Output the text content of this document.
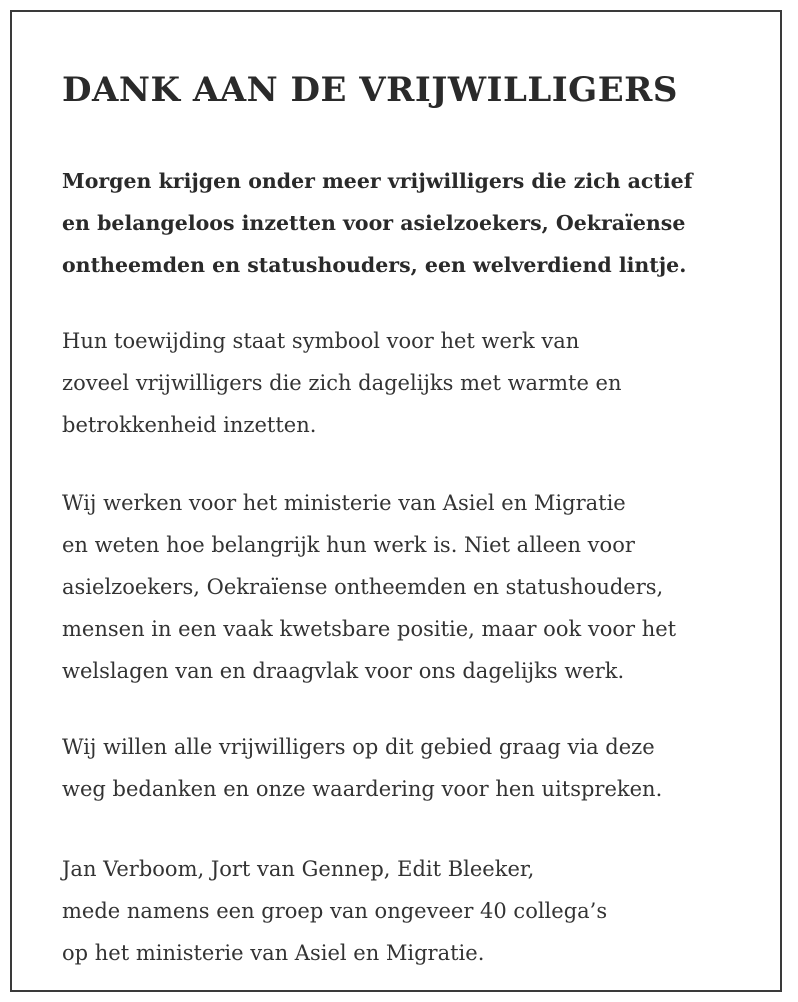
DANK AAN DE VRIJWILLIGERS

Morgen krijgen onder meer vrijwilligers die zich actief
en belangeloos inzetten voor asielzoekers, Oekraïense
ontheemden en statushouders, een welverdiend lintje.

Hun toewijding staat symbool voor het werk van
zoveel vrijwilligers die zich dagelijks met warmte en
betrokkenheid inzetten.

Wij werken voor het ministerie van Asiel en Migratie
en weten hoe belangrijk hun werk is. Niet alleen voor
asielzoekers, Oekraïense ontheemden en statushouders,
mensen in een vaak kwetsbare positie, maar ook voor het
welslagen van en draagvlak voor ons dagelijks werk.

Wij willen alle vrijwilligers op dit gebied graag via deze
weg bedanken en onze waardering voor hen uitspreken.

Jan Verboom, Jort van Gennep, Edit Bleeker,
mede namens een groep van ongeveer 40 collega’s
op het ministerie van Asiel en Migratie.
